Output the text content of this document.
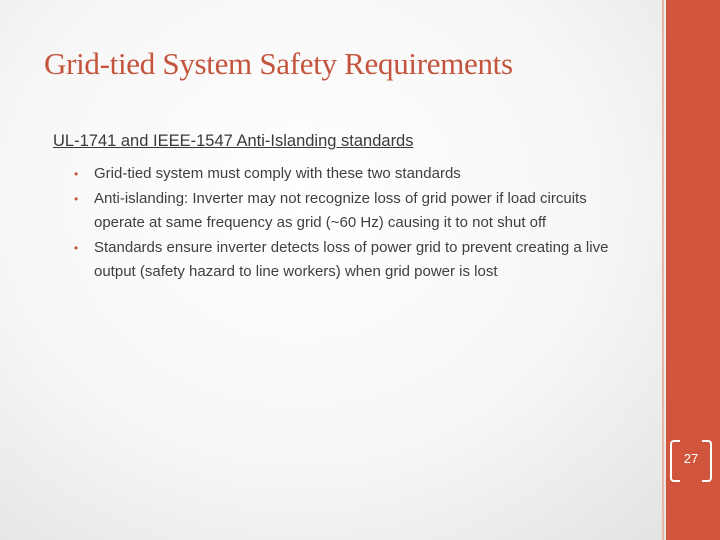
Grid-tied System Safety Requirements
UL-1741 and IEEE-1547 Anti-Islanding standards
• Grid-tied system must comply with these two standards
• Anti-islanding: Inverter may not recognize loss of grid power if load circuits operate at same frequency as grid (~60 Hz) causing it to not shut off
• Standards ensure inverter detects loss of power grid to prevent creating a live output (safety hazard to line workers) when grid power is lost
27
